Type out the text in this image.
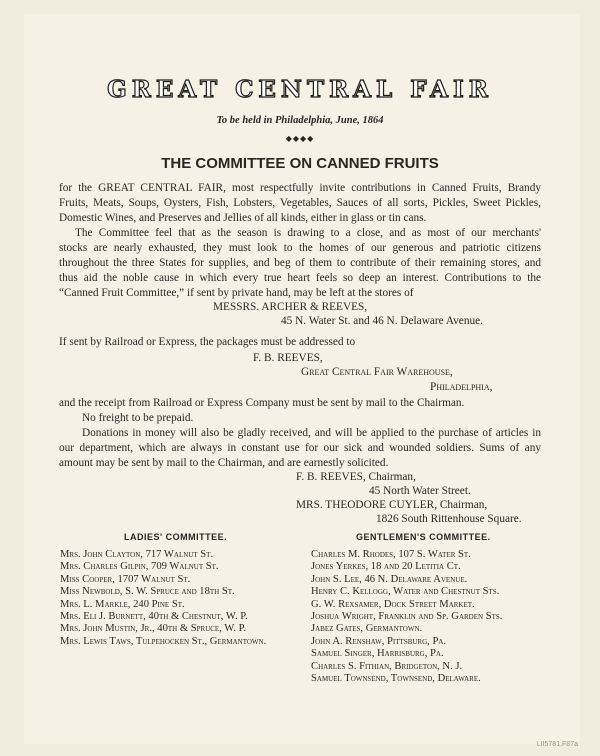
GREAT CENTRAL FAIR
To be held in Philadelphia, June, 1864
◆◆◆◆
THE COMMITTEE ON CANNED FRUITS
for the GREAT CENTRAL FAIR, most respectfully invite contributions in Canned Fruits, Brandy
Fruits, Meats, Soups, Oysters, Fish, Lobsters, Vegetables, Sauces of all sorts, Pickles, Sweet Pickles,
Domestic Wines, and Preserves and Jellies of all kinds, either in glass or tin cans.
The Committee feel that as the season is drawing to a close, and as most of our merchants'
stocks are nearly exhausted, they must look to the homes of our generous and patriotic citizens
throughout the three States for supplies, and beg of them to contribute of their remaining stores, and
thus aid the noble cause in which every true heart feels so deep an interest. Contributions to the
“Canned Fruit Committee,” if sent by private hand, may be left at the stores of
MESSRS. ARCHER & REEVES,
45 N. Water St. and 46 N. Delaware Avenue.
If sent by Railroad or Express, the packages must be addressed to
F. B. REEVES,
Great Central Fair Warehouse,
Philadelphia,
and the receipt from Railroad or Express Company must be sent by mail to the Chairman.
No freight to be prepaid.
Donations in money will also be gladly received, and will be applied to the purchase of articles in
our department, which are always in constant use for our sick and wounded soldiers. Sums of any
amount may be sent by mail to the Chairman, and are earnestly solicited.
F. B. REEVES, Chairman,
45 North Water Street.
MRS. THEODORE CUYLER, Chairman,
1826 South Rittenhouse Square.
LADIES' COMMITTEE.
Mrs. John Clayton, 717 Walnut St.
Mrs. Charles Gilpin, 709 Walnut St.
Miss Cooper, 1707 Walnut St.
Miss Newbold, S. W. Spruce and 18th St.
Mrs. L. Markle, 240 Pine St.
Mrs. Eli J. Burnett, 40th & Chestnut, W. P.
Mrs. John Mustin, Jr., 40th & Spruce, W. P.
Mrs. Lewis Taws, Tulpehocken St., Germantown.
GENTLEMEN'S COMMITTEE.
Charles M. Rhodes, 107 S. Water St.
Jones Yerkes, 18 and 20 Letitia Ct.
John S. Lee, 46 N. Delaware Avenue.
Henry C. Kellogg, Water and Chestnut Sts.
G. W. Rexsamer, Dock Street Market.
Joshua Wright, Franklin and Sp. Garden Sts.
Jabez Gates, Germantown.
John A. Renshaw, Pittsburg, Pa.
Samuel Singer, Harrisburg, Pa.
Charles S. Fithian, Bridgeton, N. J.
Samuel Townsend, Townsend, Delaware.
LII5781.F87a
